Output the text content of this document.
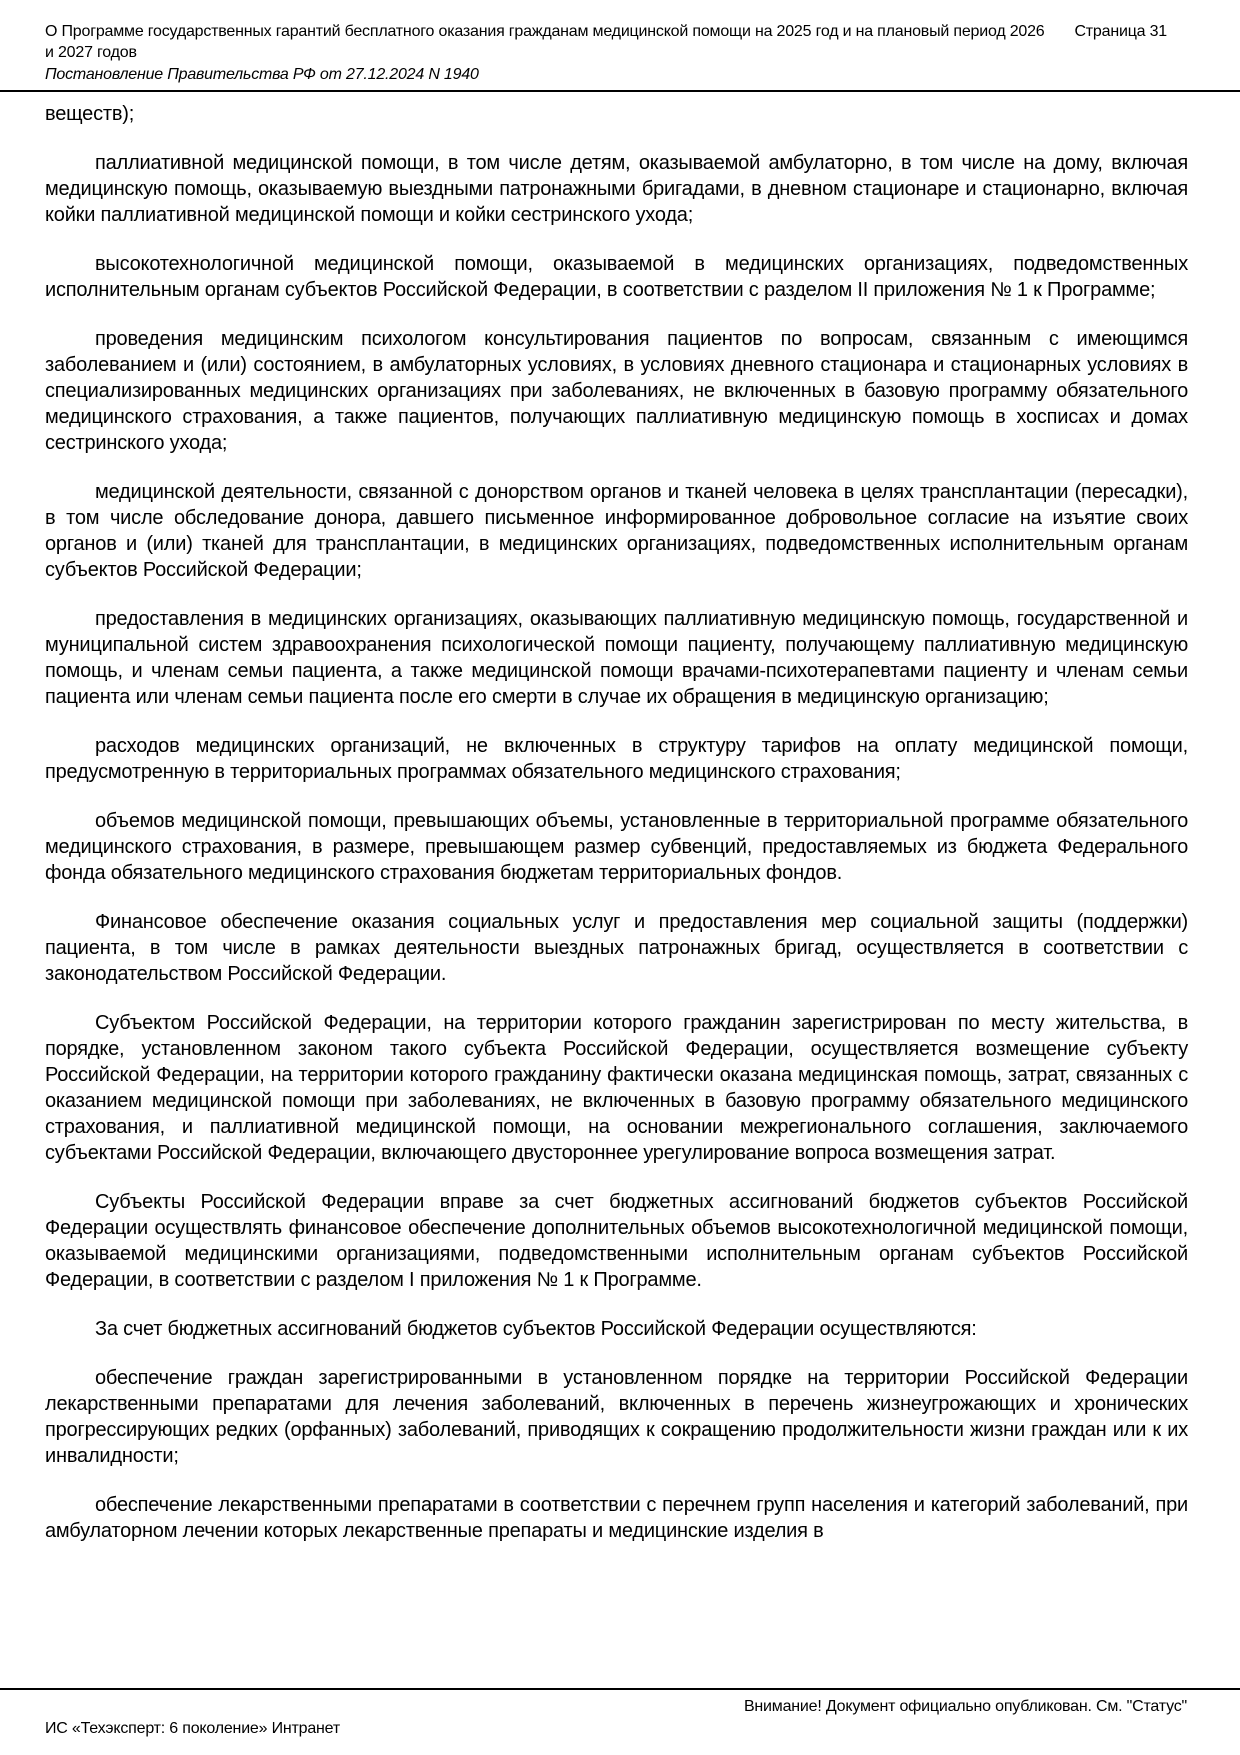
О Программе государственных гарантий бесплатного оказания гражданам медицинской помощи на 2025 год и на плановый период 2026
и 2027 годов
Постановление Правительства РФ от 27.12.2024 N 1940
Страница 31

веществ);

паллиативной медицинской помощи, в том числе детям, оказываемой амбулаторно, в том числе на дому, включая медицинскую помощь, оказываемую выездными патронажными бригадами, в дневном стационаре и стационарно, включая койки паллиативной медицинской помощи и койки сестринского ухода;

высокотехнологичной медицинской помощи, оказываемой в медицинских организациях, подведомственных исполнительным органам субъектов Российской Федерации, в соответствии с разделом II приложения № 1 к Программе;

проведения медицинским психологом консультирования пациентов по вопросам, связанным с имеющимся заболеванием и (или) состоянием, в амбулаторных условиях, в условиях дневного стационара и стационарных условиях в специализированных медицинских организациях при заболеваниях, не включенных в базовую программу обязательного медицинского страхования, а также пациентов, получающих паллиативную медицинскую помощь в хосписах и домах сестринского ухода;

медицинской деятельности, связанной с донорством органов и тканей человека в целях трансплантации (пересадки), в том числе обследование донора, давшего письменное информированное добровольное согласие на изъятие своих органов и (или) тканей для трансплантации, в медицинских организациях, подведомственных исполнительным органам субъектов Российской Федерации;

предоставления в медицинских организациях, оказывающих паллиативную медицинскую помощь, государственной и муниципальной систем здравоохранения психологической помощи пациенту, получающему паллиативную медицинскую помощь, и членам семьи пациента, а также медицинской помощи врачами-психотерапевтами пациенту и членам семьи пациента или членам семьи пациента после его смерти в случае их обращения в медицинскую организацию;

расходов медицинских организаций, не включенных в структуру тарифов на оплату медицинской помощи, предусмотренную в территориальных программах обязательного медицинского страхования;

объемов медицинской помощи, превышающих объемы, установленные в территориальной программе обязательного медицинского страхования, в размере, превышающем размер субвенций, предоставляемых из бюджета Федерального фонда обязательного медицинского страхования бюджетам территориальных фондов.

Финансовое обеспечение оказания социальных услуг и предоставления мер социальной защиты (поддержки) пациента, в том числе в рамках деятельности выездных патронажных бригад, осуществляется в соответствии с законодательством Российской Федерации.

Субъектом Российской Федерации, на территории которого гражданин зарегистрирован по месту жительства, в порядке, установленном законом такого субъекта Российской Федерации, осуществляется возмещение субъекту Российской Федерации, на территории которого гражданину фактически оказана медицинская помощь, затрат, связанных с оказанием медицинской помощи при заболеваниях, не включенных в базовую программу обязательного медицинского страхования, и паллиативной медицинской помощи, на основании межрегионального соглашения, заключаемого субъектами Российской Федерации, включающего двустороннее урегулирование вопроса возмещения затрат.

Субъекты Российской Федерации вправе за счет бюджетных ассигнований бюджетов субъектов Российской Федерации осуществлять финансовое обеспечение дополнительных объемов высокотехнологичной медицинской помощи, оказываемой медицинскими организациями, подведомственными исполнительным органам субъектов Российской Федерации, в соответствии с разделом I приложения № 1 к Программе.

За счет бюджетных ассигнований бюджетов субъектов Российской Федерации осуществляются:

обеспечение граждан зарегистрированными в установленном порядке на территории Российской Федерации лекарственными препаратами для лечения заболеваний, включенных в перечень жизнеугрожающих и хронических прогрессирующих редких (орфанных) заболеваний, приводящих к сокращению продолжительности жизни граждан или к их инвалидности;

обеспечение лекарственными препаратами в соответствии с перечнем групп населения и категорий заболеваний, при амбулаторном лечении которых лекарственные препараты и медицинские изделия в

Внимание! Документ официально опубликован. См. "Статус"
ИС «Техэксперт: 6 поколение» Интранет
